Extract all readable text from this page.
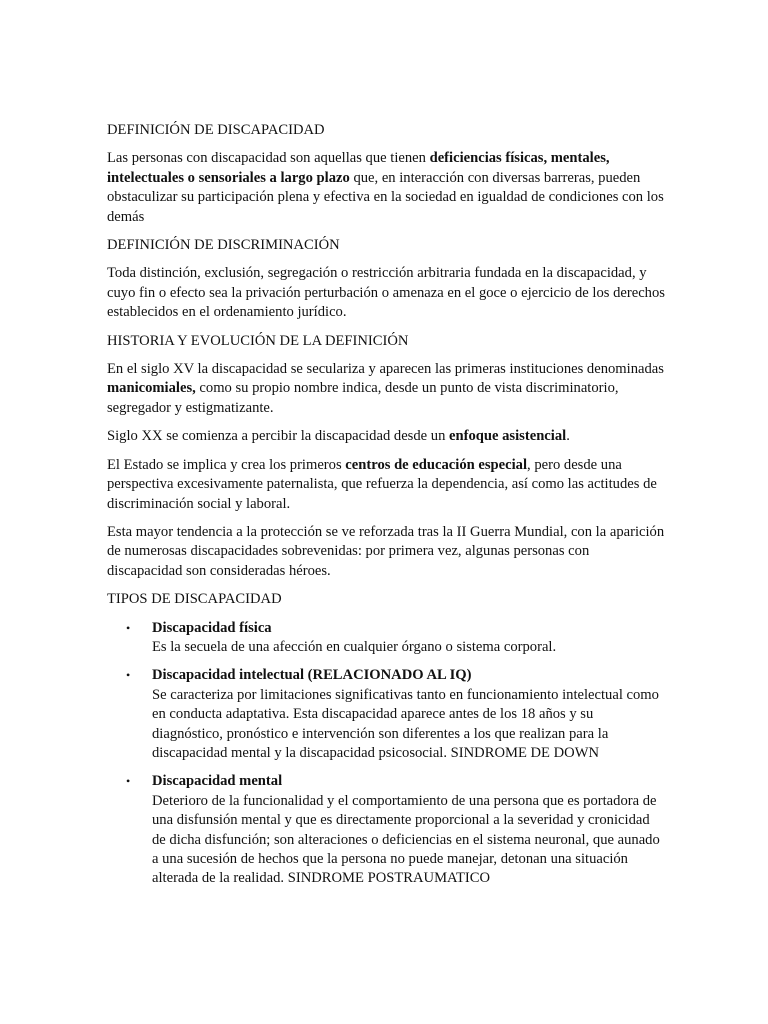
DEFINICIÓN DE DISCAPACIDAD

Las personas con discapacidad son aquellas que tienen deficiencias físicas, mentales, intelectuales o sensoriales a largo plazo que, en interacción con diversas barreras, pueden obstaculizar su participación plena y efectiva en la sociedad en igualdad de condiciones con los demás

DEFINICIÓN DE DISCRIMINACIÓN

Toda distinción, exclusión, segregación o restricción arbitraria fundada en la discapacidad, y cuyo fin o efecto sea la privación perturbación o amenaza en el goce o ejercicio de los derechos establecidos en el ordenamiento jurídico.

HISTORIA Y EVOLUCIÓN DE LA DEFINICIÓN

En el siglo XV la discapacidad se seculariza y aparecen las primeras instituciones denominadas manicomiales, como su propio nombre indica, desde un punto de vista discriminatorio, segregador y estigmatizante.

Siglo XX se comienza a percibir la discapacidad desde un enfoque asistencial.

El Estado se implica y crea los primeros centros de educación especial, pero desde una perspectiva excesivamente paternalista, que refuerza la dependencia, así como las actitudes de discriminación social y laboral.

Esta mayor tendencia a la protección se ve reforzada tras la II Guerra Mundial, con la aparición de numerosas discapacidades sobrevenidas: por primera vez, algunas personas con discapacidad son consideradas héroes.

TIPOS DE DISCAPACIDAD

• Discapacidad física
Es la secuela de una afección en cualquier órgano o sistema corporal.
• Discapacidad intelectual (RELACIONADO AL IQ)
Se caracteriza por limitaciones significativas tanto en funcionamiento intelectual como en conducta adaptativa. Esta discapacidad aparece antes de los 18 años y su diagnóstico, pronóstico e intervención son diferentes a los que realizan para la discapacidad mental y la discapacidad psicosocial. SINDROME DE DOWN
• Discapacidad mental
Deterioro de la funcionalidad y el comportamiento de una persona que es portadora de una disfunsión mental y que es directamente proporcional a la severidad y cronicidad de dicha disfunción; son alteraciones o deficiencias en el sistema neuronal, que aunado a una sucesión de hechos que la persona no puede manejar, detonan una situación alterada de la realidad. SINDROME POSTRAUMATICO
